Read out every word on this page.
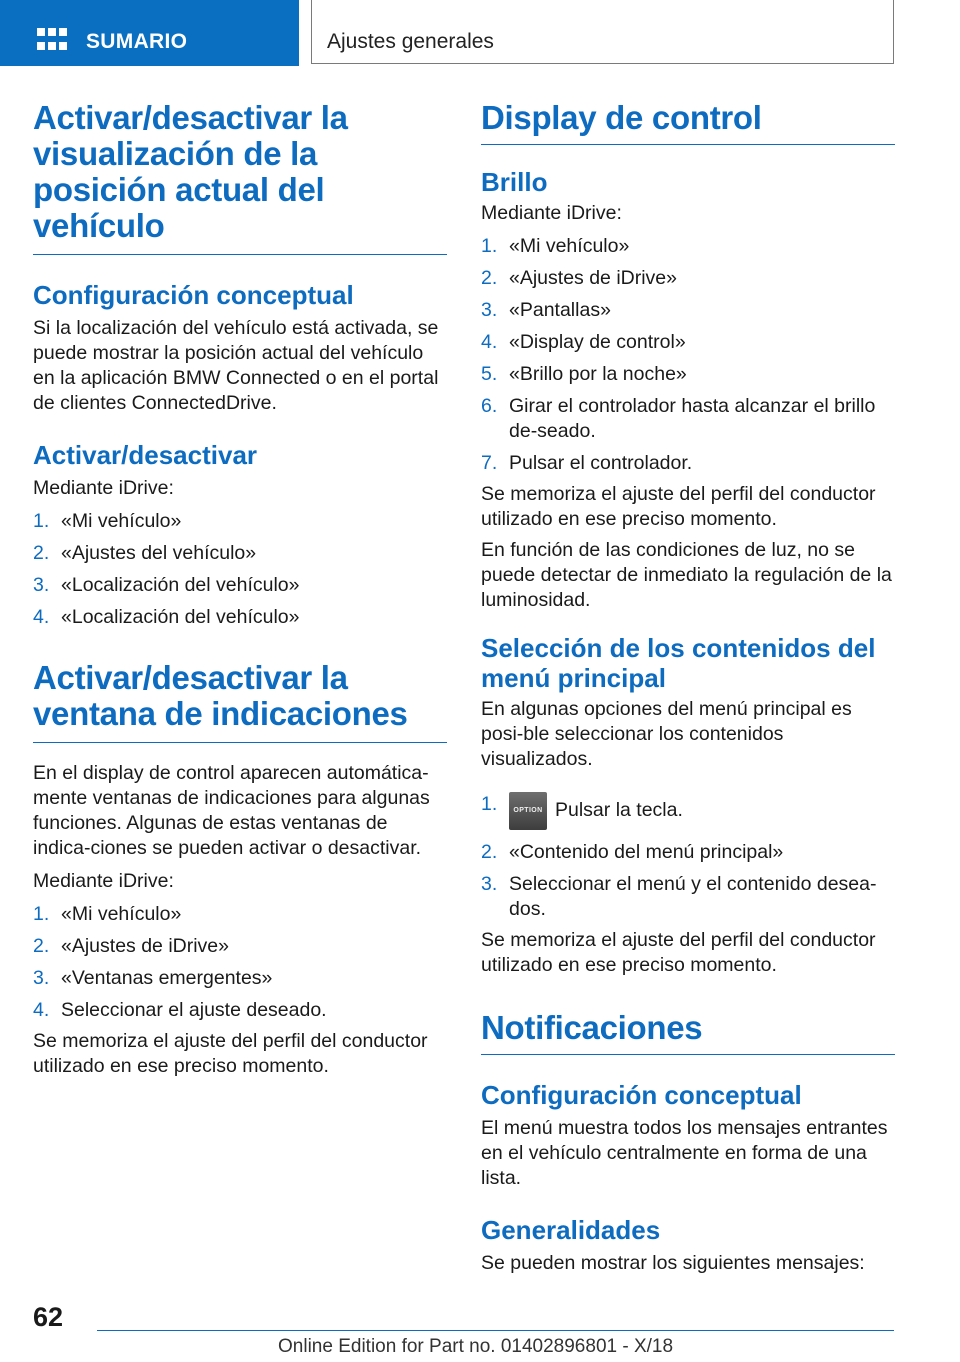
SUMARIO	Ajustes generales
Activar/desactivar la visualización de la posición actual del vehículo
Configuración conceptual

Si la localización del vehículo está activada, se puede mostrar la posición actual del vehículo en la aplicación BMW Connected o en el portal de clientes ConnectedDrive.

Activar/desactivar

Mediante iDrive:

1. «Mi vehículo»
2. «Ajustes del vehículo»
3. «Localización del vehículo»
4. «Localización del vehículo»
Activar/desactivar la ventana de indicaciones

En el display de control aparecen automática-mente ventanas de indicaciones para algunas funciones. Algunas de estas ventanas de indica-ciones se pueden activar o desactivar.

Mediante iDrive:

1. «Mi vehículo»
2. «Ajustes de iDrive»
3. «Ventanas emergentes»
4. Seleccionar el ajuste deseado.

Se memoriza el ajuste del perfil del conductor utilizado en ese preciso momento.

Display de control
Brillo

Mediante iDrive:

1. «Mi vehículo»
2. «Ajustes de iDrive»
3. «Pantallas»
4. «Display de control»
5. «Brillo por la noche»
6. Girar el controlador hasta alcanzar el brillo de-seado.
7. Pulsar el controlador.

Se memoriza el ajuste del perfil del conductor utilizado en ese preciso momento.

En función de las condiciones de luz, no se puede detectar de inmediato la regulación de la luminosidad.

Selección de los contenidos del menú principal

En algunas opciones del menú principal es posi-ble seleccionar los contenidos visualizados.

1.	OPTION Pulsar la tecla.
2. «Contenido del menú principal»
3. Seleccionar el menú y el contenido desea-dos.

Se memoriza el ajuste del perfil del conductor utilizado en ese preciso momento.

Notificaciones
Configuración conceptual

El menú muestra todos los mensajes entrantes en el vehículo centralmente en forma de una lista.

Generalidades

Se pueden mostrar los siguientes mensajes:

62
Online Edition for Part no. 01402896801 - X/18
